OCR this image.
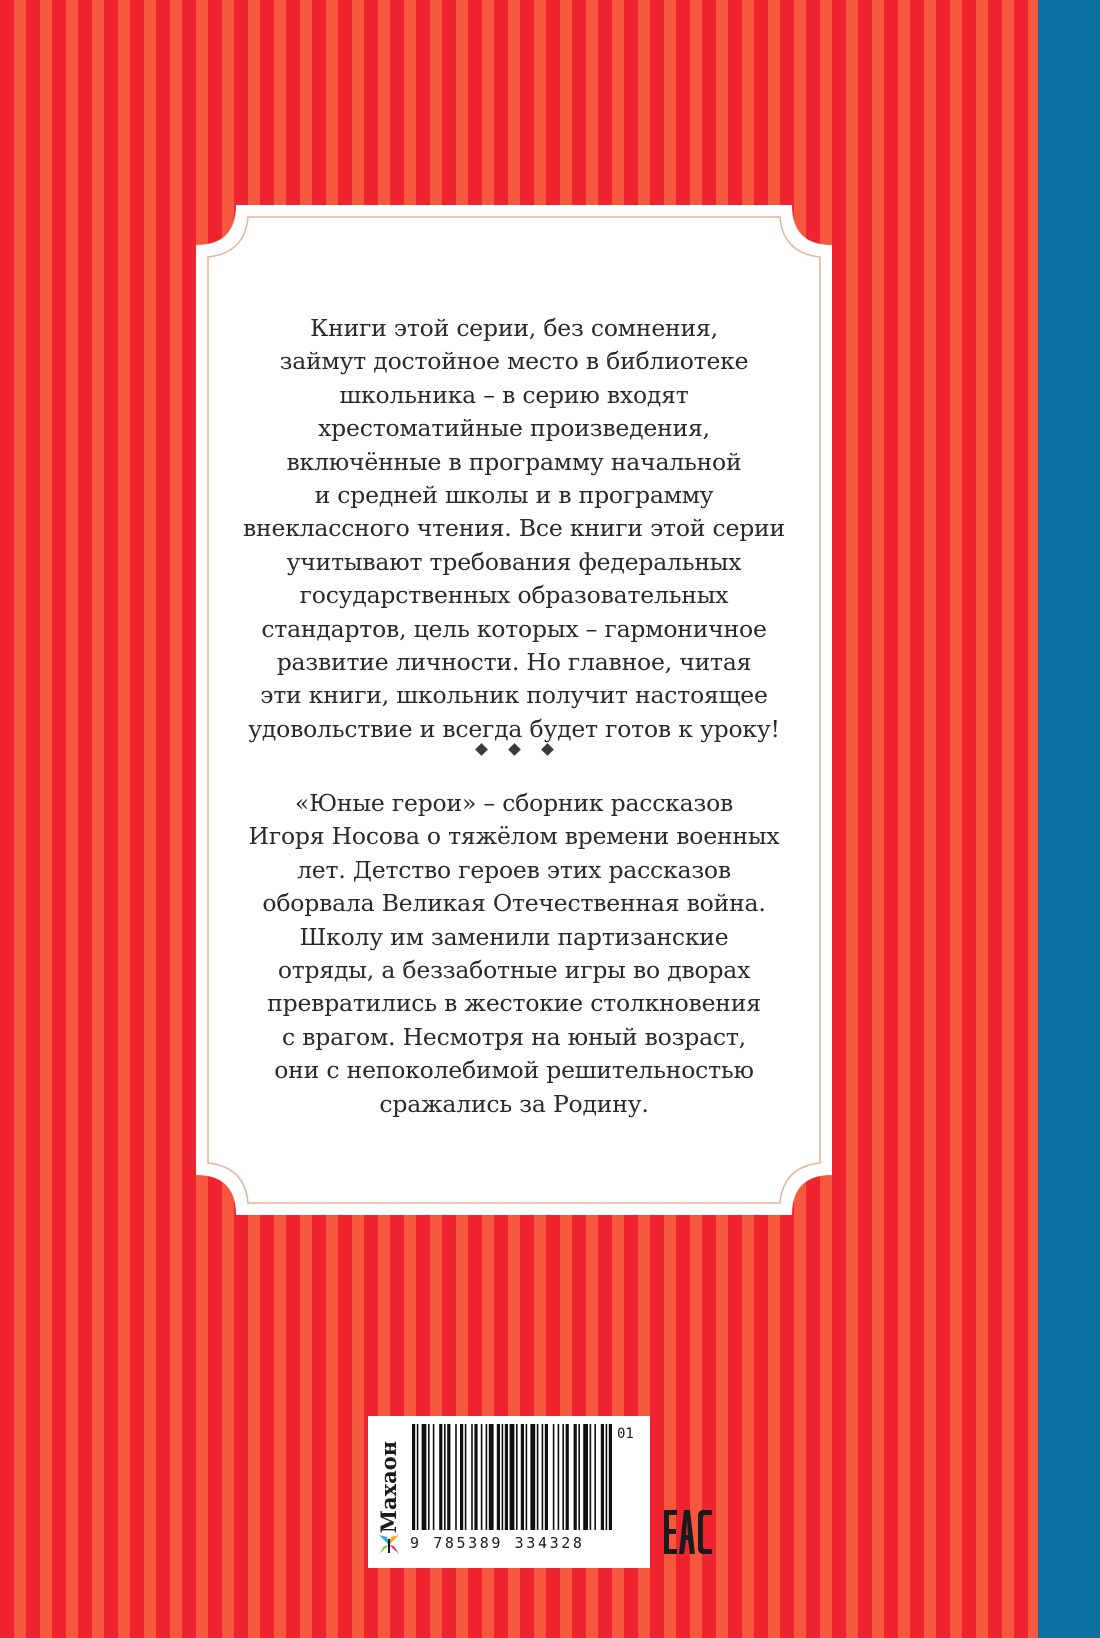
Книги этой серии, без сомнения,
займут достойное место в библиотеке
школьника – в серию входят
хрестоматийные произведения,
включённые в программу начальной
и средней школы и в программу
внеклассного чтения. Все книги этой серии
учитывают требования федеральных
государственных образовательных
стандартов, цель которых – гармоничное
развитие личности. Но главное, читая
эти книги, школьник получит настоящее
удовольствие и всегда будет готов к уроку!

«Юные герои» – сборник рассказов
Игоря Носова о тяжёлом времени военных
лет. Детство героев этих рассказов
оборвала Великая Отечественная война.
Школу им заменили партизанские
отряды, а беззаботные игры во дворах
превратились в жестокие столкновения
с врагом. Несмотря на юный возраст,
они с непоколебимой решительностью
сражались за Родину.

Махаон
9 785389 334328
01
